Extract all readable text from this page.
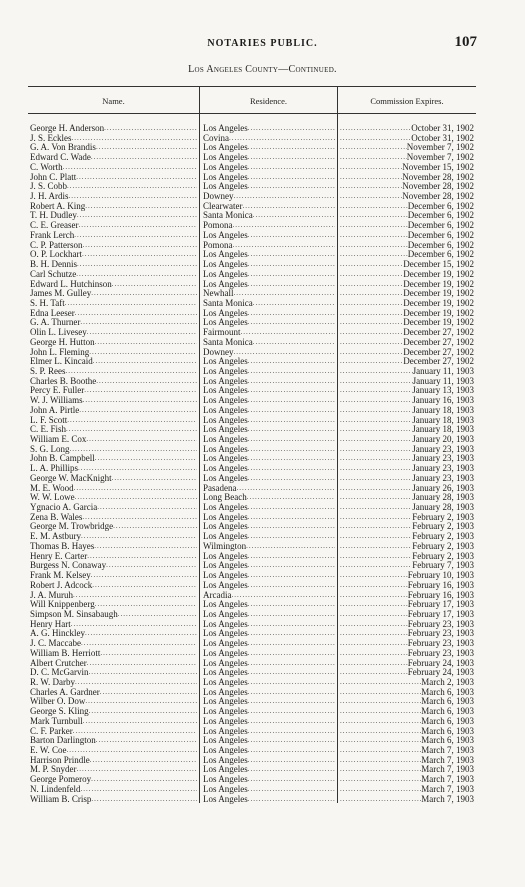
NOTARIES PUBLIC.	107
Los Angeles County—Continued.
Name.	Residence.	Commission Expires.
George H. Anderson .....	Los Angeles .....	October 31, 1902
.....
J. S. Eckles .....	Covina .....	October 31, 1902
.....
G. A. Von Brandis .....	Los Angeles .....	November 7, 1902
.....
Edward C. Wade .....	Los Angeles .....	November 7, 1902
.....
C. Worth .....	Los Angeles .....	November 15, 1902
.....
John C. Platt .....	Los Angeles .....	November 28, 1902
.....
J. S. Cobb .....	Los Angeles .....	November 28, 1902
.....
J. H. Ardis .....	Downey .....	November 28, 1902
.....
Robert A. King .....	Clearwater .....	December 6, 1902
.....
T. H. Dudley .....	Santa Monica .....	December 6, 1902
.....
C. E. Greaser .....	Pomona .....	December 6, 1902
.....
Frank Lerch .....	Los Angeles .....	December 6, 1902
.....
C. P. Patterson .....	Pomona .....	December 6, 1902
.....
O. P. Lockhart .....	Los Angeles .....	December 6, 1902
.....
B. H. Dennis .....	Los Angeles .....	December 15, 1902
.....
Carl Schutze .....	Los Angeles .....	December 19, 1902
.....
Edward L. Hutchinson .....	Los Angeles .....	December 19, 1902
.....
James M. Gulley .....	Newhall .....	December 19, 1902
.....
S. H. Taft .....	Santa Monica .....	December 19, 1902
.....
Edna Leeser .....	Los Angeles .....	December 19, 1902
.....
G. A. Thurner .....	Los Angeles .....	December 19, 1902
.....
Olin L. Livesey .....	Fairmount .....	December 27, 1902
.....
George H. Hutton .....	Santa Monica .....	December 27, 1902
.....
John L. Fleming .....	Downey .....	December 27, 1902
.....
Elmer L. Kincaid .....	Los Angeles .....	December 27, 1902
.....
S. P. Rees .....	Los Angeles .....	January 11, 1903
.....
Charles B. Boothe .....	Los Angeles .....	January 11, 1903
.....
Percy E. Fuller .....	Los Angeles .....	January 13, 1903
.....
W. J. Williams .....	Los Angeles .....	January 16, 1903
.....
John A. Pirtle .....	Los Angeles .....	January 18, 1903
.....
L. F. Scott .....	Los Angeles .....	January 18, 1903
.....
C. E. Fish .....	Los Angeles .....	January 18, 1903
.....
William E. Cox .....	Los Angeles .....	January 20, 1903
.....
S. G. Long .....	Los Angeles .....	January 23, 1903
.....
John B. Campbell .....	Los Angeles .....	January 23, 1903
.....
L. A. Phillips .....	Los Angeles .....	January 23, 1903
.....
George W. MacKnight .....	Los Angeles .....	January 23, 1903
.....
M. E. Wood .....	Pasadena .....	January 26, 1903
.....
W. W. Lowe .....	Long Beach .....	January 28, 1903
.....
Ygnacio A. Garcia .....	Los Angeles .....	January 28, 1903
.....
Zena B. Wales .....	Los Angeles .....	February 2, 1903
.....
George M. Trowbridge .....	Los Angeles .....	February 2, 1903
.....
E. M. Astbury .....	Los Angeles .....	February 2, 1903
.....
Thomas B. Hayes .....	Wilmington .....	February 2, 1903
.....
Henry E. Carter .....	Los Angeles .....	February 2, 1903
.....
Burgess N. Conaway .....	Los Angeles .....	February 7, 1903
.....
Frank M. Kelsey .....	Los Angeles .....	February 10, 1903
.....
Robert J. Adcock .....	Los Angeles .....	February 16, 1903
.....
J. A. Muruh .....	Arcadia .....	February 16, 1903
.....
Will Knippenberg .....	Los Angeles .....	February 17, 1903
.....
Simpson M. Sinsabaugh .....	Los Angeles .....	February 17, 1903
.....
Henry Hart .....	Los Angeles .....	February 23, 1903
.....
A. G. Hinckley .....	Los Angeles .....	February 23, 1903
.....
J. C. Maccabe .....	Los Angeles .....	February 23, 1903
.....
William B. Herriott .....	Los Angeles .....	February 23, 1903
.....
Albert Crutcher .....	Los Angeles .....	February 24, 1903
.....
D. C. McGarvin .....	Los Angeles .....	February 24, 1903
.....
R. W. Darby .....	Los Angeles .....	March 2, 1903
.....
Charles A. Gardner .....	Los Angeles .....	March 6, 1903
.....
Wilber O. Dow .....	Los Angeles .....	March 6, 1903
.....
George S. Kling .....	Los Angeles .....	March 6, 1903
.....
Mark Turnbull .....	Los Angeles .....	March 6, 1903
.....
C. F. Parker .....	Los Angeles .....	March 6, 1903
.....
Barton Darlington .....	Los Angeles .....	March 6, 1903
.....
E. W. Coe .....	Los Angeles .....	March 7, 1903
.....
Harrison Prindle .....	Los Angeles .....	March 7, 1903
.....
M. P. Snyder .....	Los Angeles .....	March 7, 1903
.....
George Pomeroy .....	Los Angeles .....	March 7, 1903
.....
N. Lindenfeld .....	Los Angeles .....	March 7, 1903
.....
William B. Crisp .....	Los Angeles .....	March 7, 1903
.....
